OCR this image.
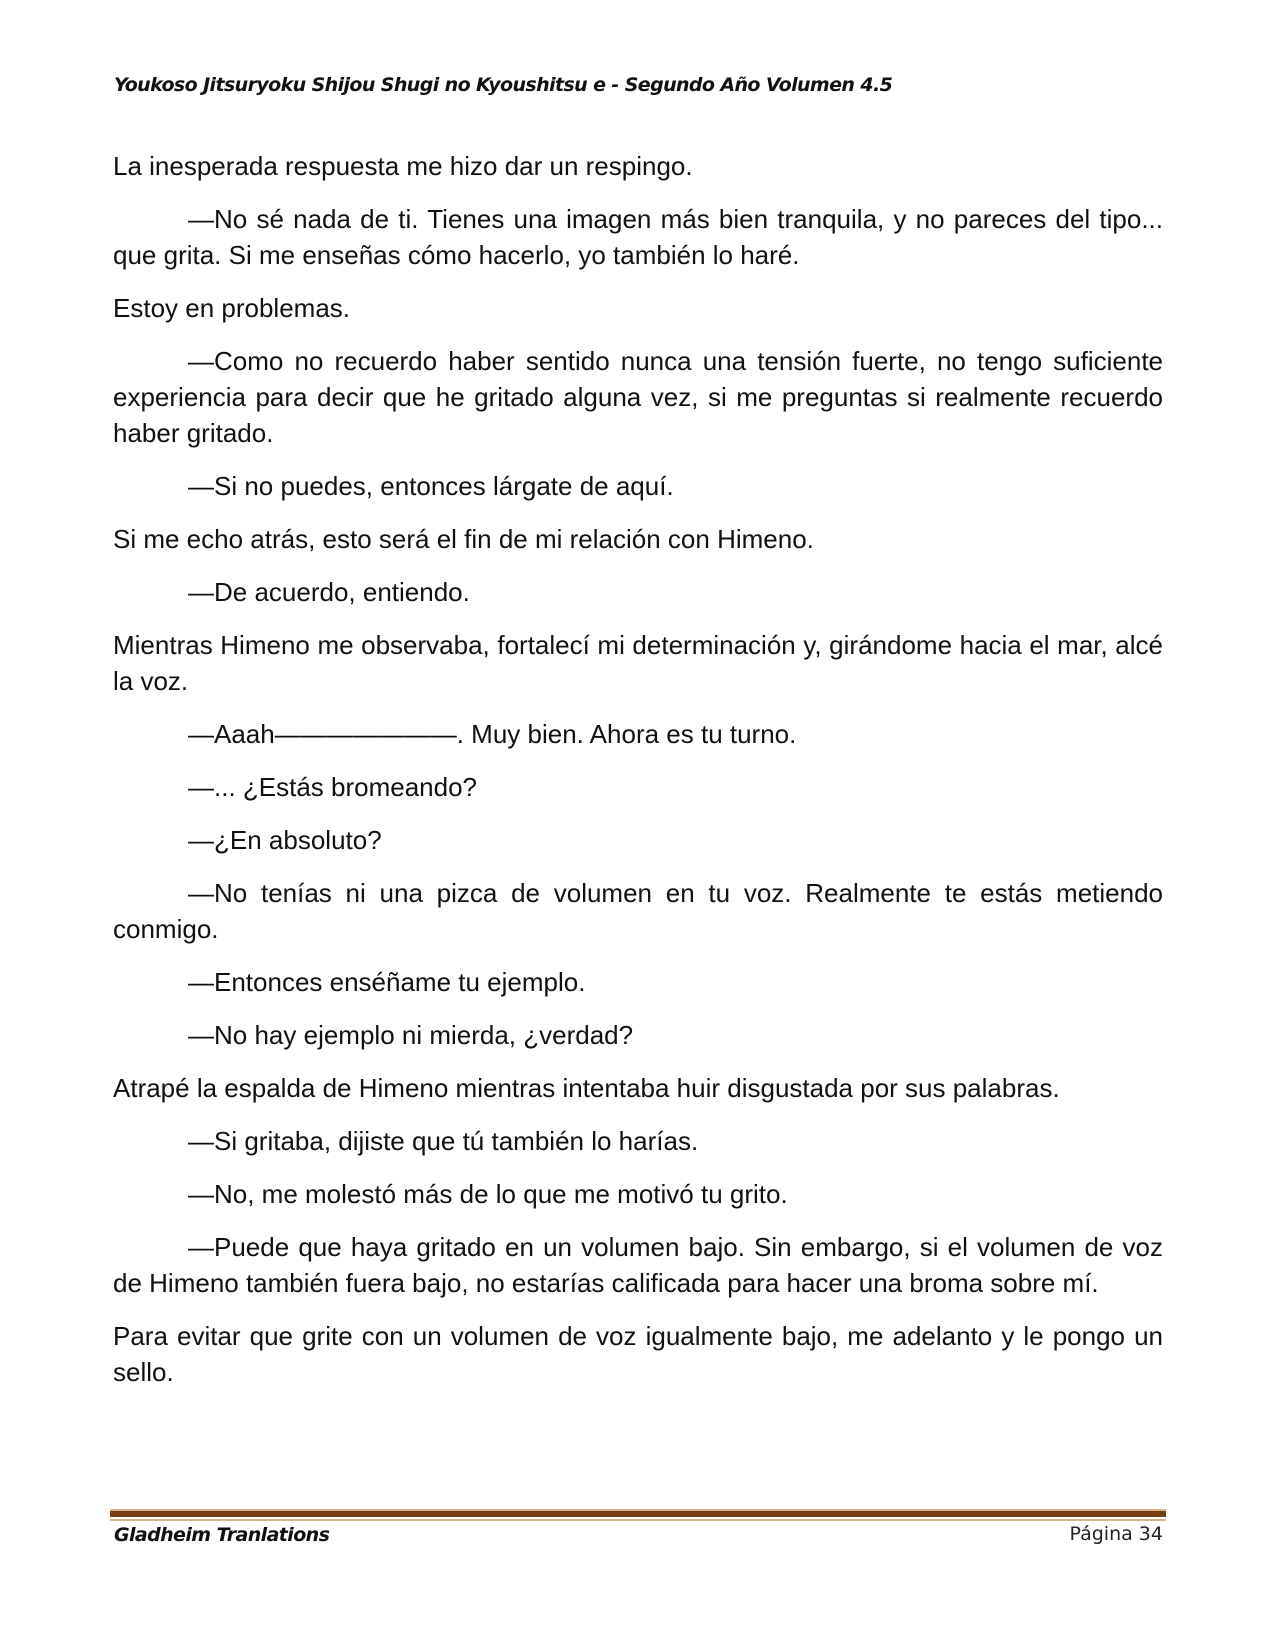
Youkoso Jitsuryoku Shijou Shugi no Kyoushitsu e - Segundo Año Volumen 4.5

La inesperada respuesta me hizo dar un respingo.

—No sé nada de ti. Tienes una imagen más bien tranquila, y no pareces del tipo... que grita. Si me enseñas cómo hacerlo, yo también lo haré.

Estoy en problemas.

—Como no recuerdo haber sentido nunca una tensión fuerte, no tengo suficiente experiencia para decir que he gritado alguna vez, si me preguntas si realmente recuerdo haber gritado.

—Si no puedes, entonces lárgate de aquí.

Si me echo atrás, esto será el fin de mi relación con Himeno.

—De acuerdo, entiendo.

Mientras Himeno me observaba, fortalecí mi determinación y, girándome hacia el mar, alcé la voz.

—Aaah———————. Muy bien. Ahora es tu turno.

—... ¿Estás bromeando?

—¿En absoluto?

—No tenías ni una pizca de volumen en tu voz. Realmente te estás metiendo conmigo.

—Entonces enséñame tu ejemplo.

—No hay ejemplo ni mierda, ¿verdad?

Atrapé la espalda de Himeno mientras intentaba huir disgustada por sus palabras.

—Si gritaba, dijiste que tú también lo harías.

—No, me molestó más de lo que me motivó tu grito.

—Puede que haya gritado en un volumen bajo. Sin embargo, si el volumen de voz de Himeno también fuera bajo, no estarías calificada para hacer una broma sobre mí.

Para evitar que grite con un volumen de voz igualmente bajo, me adelanto y le pongo un sello.

Gladheim Tranlations	Página 34
